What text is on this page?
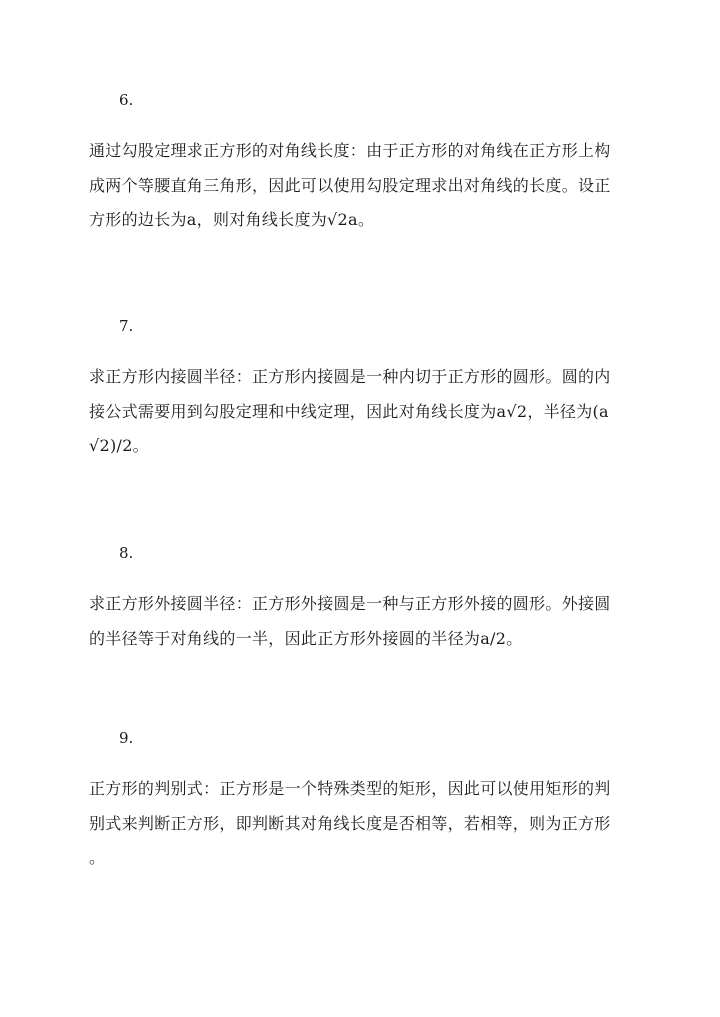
6.
通过勾股定理求正方形的对角线长度：由于正方形的对角线在正方形上构
成两个等腰直角三角形，因此可以使用勾股定理求出对角线的长度。设正
方形的边长为a，则对角线长度为√2a。
7.
求正方形内接圆半径：正方形内接圆是一种内切于正方形的圆形。圆的内
接公式需要用到勾股定理和中线定理，因此对角线长度为a√2，半径为(a
√2)/2。
8.
求正方形外接圆半径：正方形外接圆是一种与正方形外接的圆形。外接圆
的半径等于对角线的一半，因此正方形外接圆的半径为a/2。
9.
正方形的判别式：正方形是一个特殊类型的矩形，因此可以使用矩形的判
别式来判断正方形，即判断其对角线长度是否相等，若相等，则为正方形
。
